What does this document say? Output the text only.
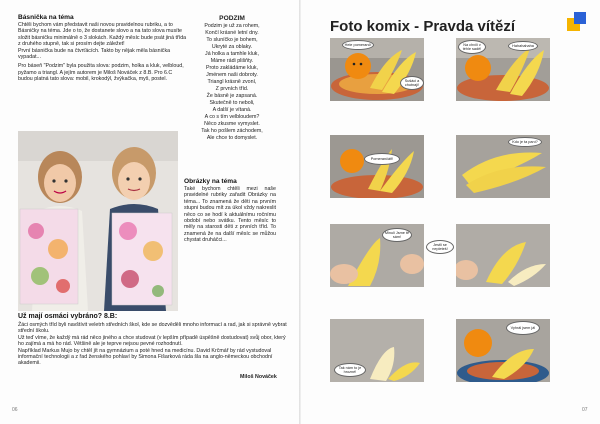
Básnička na téma

Chtěli bychom vám představit naši novou pravidelnou rubriku, a to Básničky na téma. Jde o to, že dostanete slovo a na tato slova musíte složit básničku minimálně o 3 slokách. Každý měsíc bude psát jiná třída z druhého stupně, tak si prosím dejte záležet!

První básnička bude na čtvrťácích. Takto by nějak měla básnička vypadat...

Pro báseň "Podzim" byla použita slova: podzim, holka a kluk, velbloud, pyžamo a triangl. A jejím autorem je Miloš Nováček z 8.B. Pro 6.C budou platná tato slova: mobil, krokodýl, žvýkačka, myš, postel.

PODZIM
Podzim je už za rohem,
Končí krásné letní dny.
To sluníčko je bohem,
Ukryté za oblaky.
Já holka a tamhle kluk,
Máme rádi plišňty.
Proto zakládáme kluk,
Jménem naši dobroty.
Triangl krásně zvoní,
Z prvních tříd.
Že básně je zapsaná.
Skutečně to neboli,
A další je vítaná.
A co s tím velbloudem?
Něco zkusme vymyslet.
Tak ho pošlem záchodem,
Ale chce to domyslet.
Obrázky na téma
Také bychom chtěli mezi naše pravidelné rubriky zařadit Obrázky na téma... To znamená že děti na prvním stupni budou mít za úkol vždy nakreslit něco co se hodí k aktuálnímu ročnímu období nebo svátku. Tento měsíc to měly na starosti děti z prvních tříd. To znamená že na další měsíc se můžou chystat druháčci...
Už mají osmáci vybráno? 8.B:

Žáci osmých tříd byli navštívit veletrh středních škol, kde se dozvěděli mnoho informací a rad, jak si správně vybrat střední školu.

Už teď víme, že každý má rád něco jiného a chce studovat (v lepším případě úspěšně dostudovat) svůj obor, který ho zajímá a má ho rád. Většině ale je teprve nejsou pevné rozhodnutí.

Například Markus Mujo by chtěl jít na gymnázium a poté hned na medicínu. David Krčmář by rád vystudoval informační technologii a z řad ženského pohlaví by Simona Fišarková ráda šla na anglo-německou obchodní akademii.

Miloš Nováček
06
Foto komix - Pravda vítězí
Hele pomeranč!
Sušáci a chutnají!
Na chvíli v téhle sadě!
Hahahahaha
Pomerančáři!
Kdo je ta paní?
Minuli Jsme tě sám!
Tak nám to je hrozné!
Vyhrál jsem já!
Jestli se nepleteš!
07
